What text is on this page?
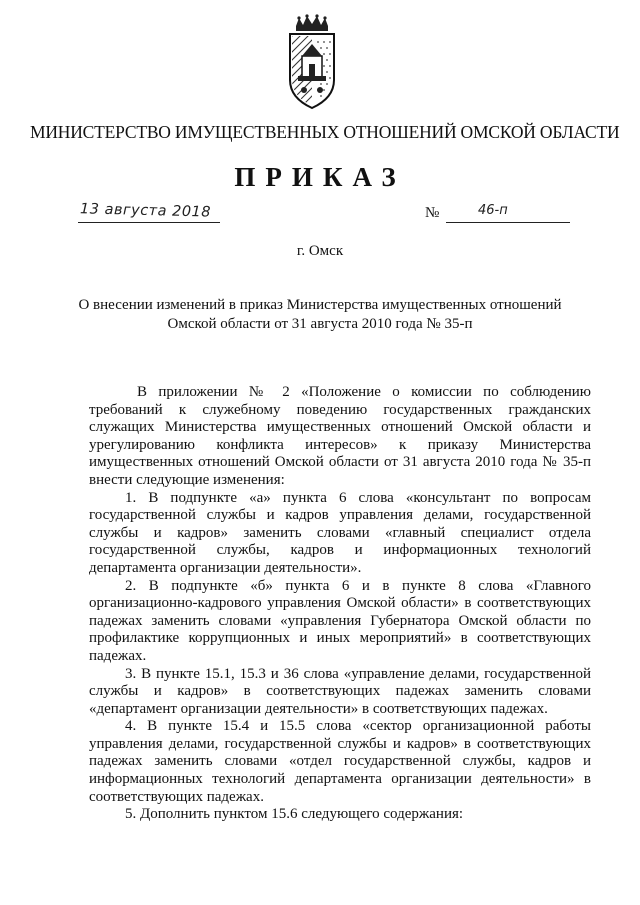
МИНИСТЕРСТВО ИМУЩЕСТВЕННЫХ ОТНОШЕНИЙ ОМСКОЙ ОБЛАСТИ
ПРИКАЗ
13 августа 2018	№	46-п
г. Омск
О внесении изменений в приказ Министерства имущественных отношений
Омской области от 31 августа 2010 года № 35-п

В приложении № 2 «Положение о комиссии по соблюдению требований к служебному поведению государственных гражданских служащих Министерства имущественных отношений Омской области и урегулированию конфликта интересов» к приказу Министерства имущественных отношений Омской области от 31 августа 2010 года № 35-п внести следующие изменения:

1. В подпункте «а» пункта 6 слова «консультант по вопросам государственной службы и кадров управления делами, государственной службы и кадров» заменить словами «главный специалист отдела государственной службы, кадров и информационных технологий департамента организации деятельности».

2. В подпункте «б» пункта 6 и в пункте 8 слова «Главного организационно-кадрового управления Омской области» в соответствующих падежах заменить словами «управления Губернатора Омской области по профилактике коррупционных и иных мероприятий» в соответствующих падежах.

3. В пункте 15.1, 15.3 и 36 слова «управление делами, государственной службы и кадров» в соответствующих падежах заменить словами «департамент организации деятельности» в соответствующих падежах.

4. В пункте 15.4 и 15.5 слова «сектор организационной работы управления делами, государственной службы и кадров» в соответствующих падежах заменить словами «отдел государственной службы, кадров и информационных технологий департамента организации деятельности» в соответствующих падежах.

5. Дополнить пунктом 15.6 следующего содержания:
